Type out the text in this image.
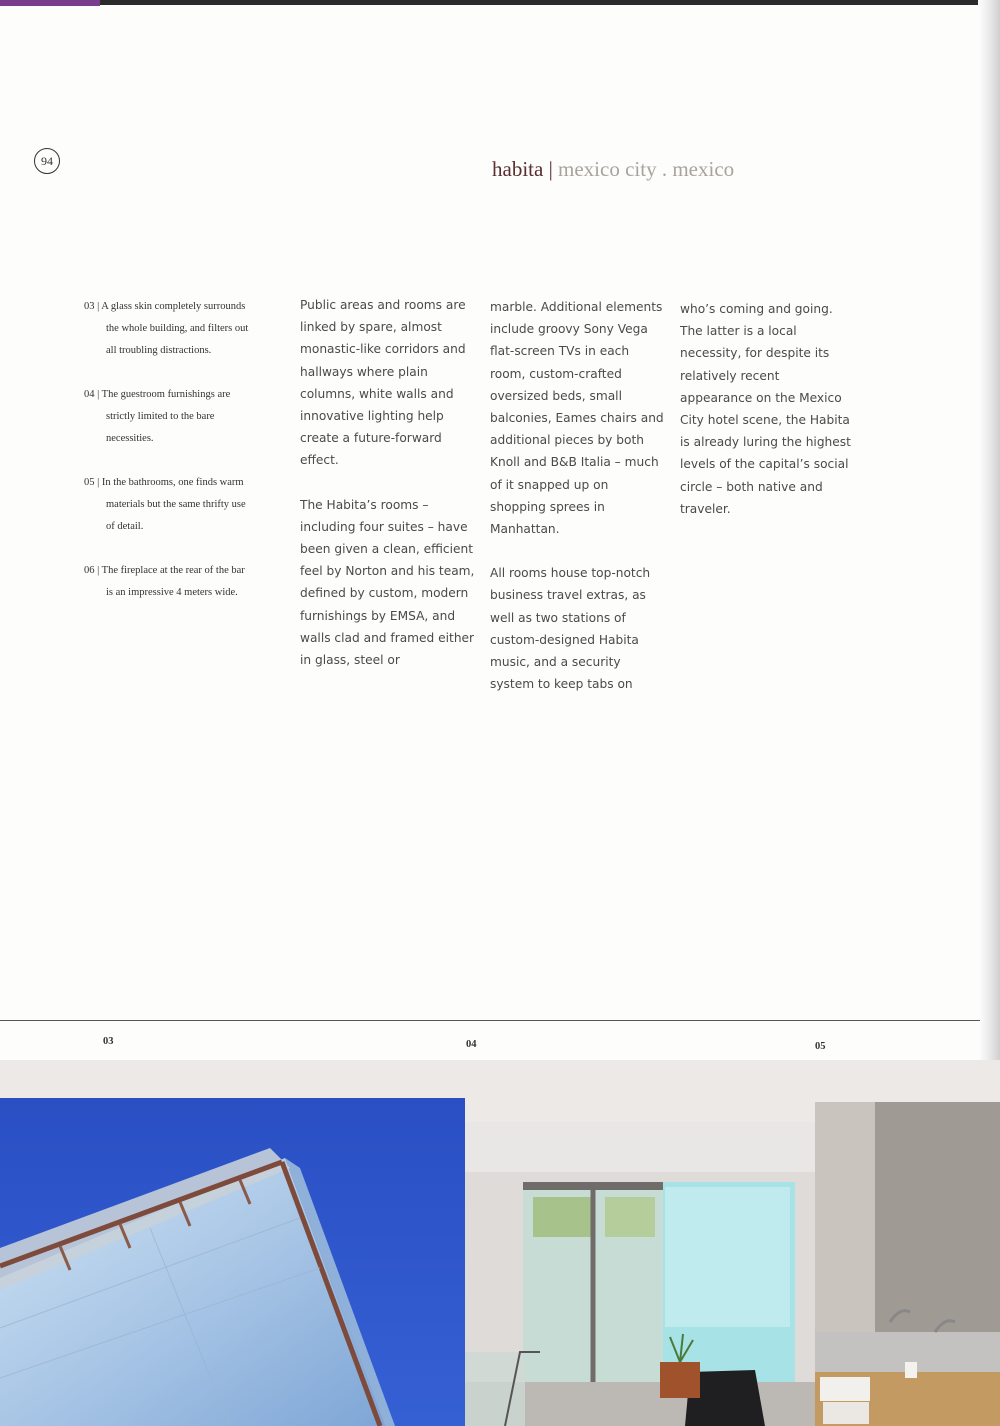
94	habita | mexico city . mexico
03 | A glass skin completely surrounds the whole building, and filters out all troubling distractions.
04 | The guestroom furnishings are strictly limited to the bare necessities.
05 | In the bathrooms, one finds warm materials but the same thrifty use of detail.
06 | The fireplace at the rear of the bar is an impressive 4 meters wide.

Public areas and rooms are linked by spare, almost monastic-like corridors and hallways where plain columns, white walls and innovative lighting help create a future-forward effect.

The Habita’s rooms – including four suites – have been given a clean, efficient feel by Norton and his team, defined by custom, modern furnishings by EMSA, and walls clad and framed either in glass, steel or

marble. Additional elements include groovy Sony Vega flat-screen TVs in each room, custom-crafted oversized beds, small balconies, Eames chairs and additional pieces by both Knoll and B&B Italia – much of it snapped up on shopping sprees in Manhattan.

All rooms house top-notch business travel extras, as well as two stations of custom-designed Habita music, and a security system to keep tabs on

who’s coming and going. The latter is a local necessity, for despite its relatively recent appearance on the Mexico City hotel scene, the Habita is already luring the highest levels of the capital’s social circle – both native and traveler.

03	04	05
